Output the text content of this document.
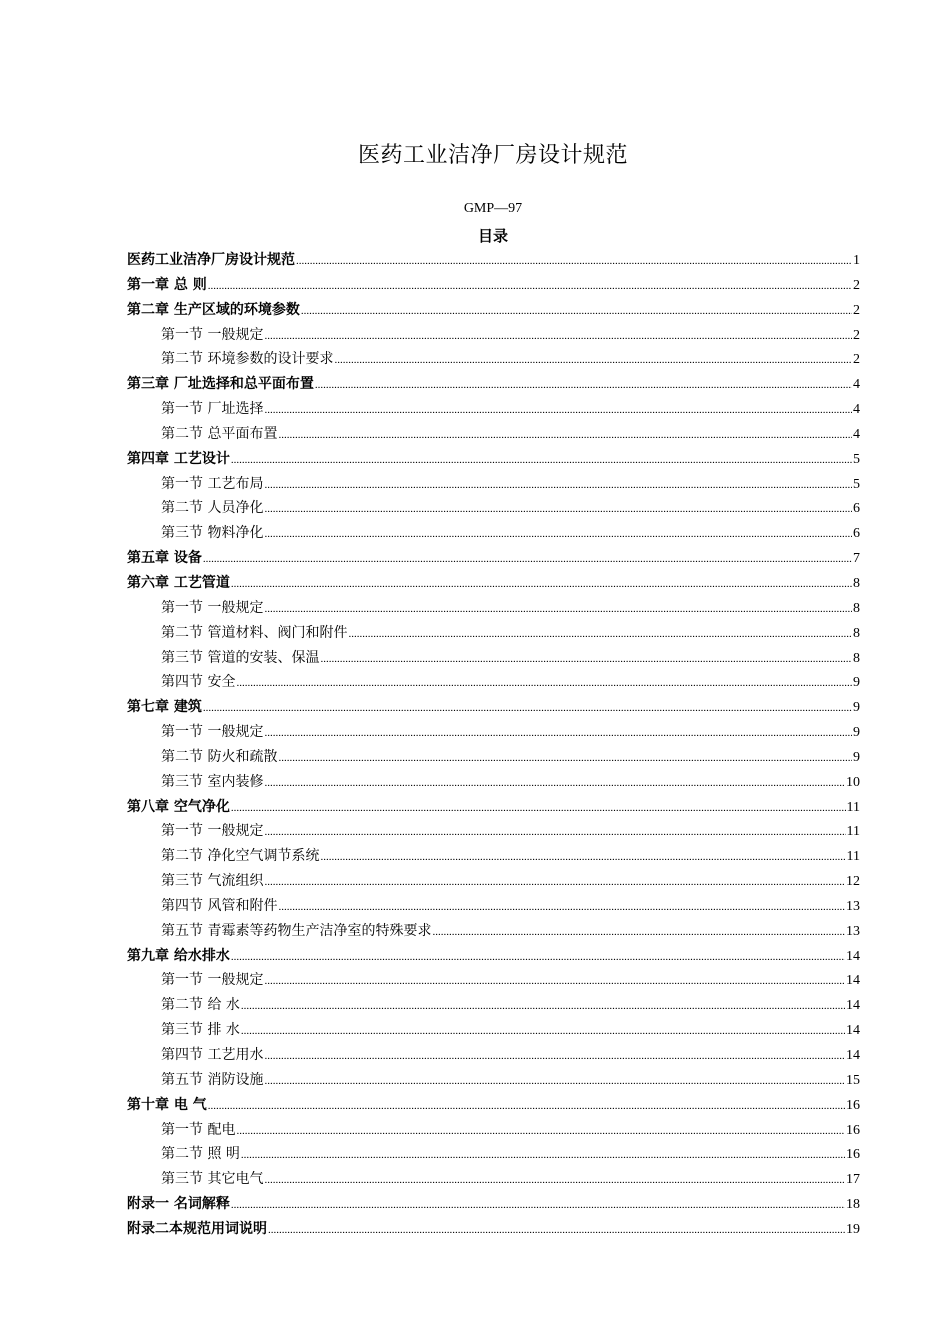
医药工业洁净厂房设计规范
GMP—97
目录
医药工业洁净厂房设计规范 .....	1
第一章 总 则 .....	2
第二章 生产区域的环境参数 .....	2
第一节 一般规定 .....	2
第二节 环境参数的设计要求 .....	2
第三章 厂址选择和总平面布置 .....	4
第一节 厂址选择 .....	4
第二节 总平面布置 .....	4
第四章 工艺设计 .....	5
第一节 工艺布局 .....	5
第二节 人员净化 .....	6
第三节 物料净化 .....	6
第五章 设备 .....	7
第六章 工艺管道 .....	8
第一节 一般规定 .....	8
第二节 管道材料、阀门和附件 .....	8
第三节 管道的安装、保温 .....	8
第四节 安全 .....	9
第七章 建筑 .....	9
第一节 一般规定 .....	9
第二节 防火和疏散 .....	9
第三节 室内装修 .....	10
第八章 空气净化 .....	11
第一节 一般规定 .....	11
第二节 净化空气调节系统 .....	11
第三节 气流组织 .....	12
第四节 风管和附件 .....	13
第五节 青霉素等药物生产洁净室的特殊要求 .....	13
第九章 给水排水 .....	14
第一节 一般规定 .....	14
第二节 给 水 .....	14
第三节 排 水 .....	14
第四节 工艺用水 .....	14
第五节 消防设施 .....	15
第十章 电 气 .....	16
第一节 配电 .....	16
第二节 照 明 .....	16
第三节 其它电气 .....	17
附录一 名词解释 .....	18
附录二本规范用词说明 .....	19
